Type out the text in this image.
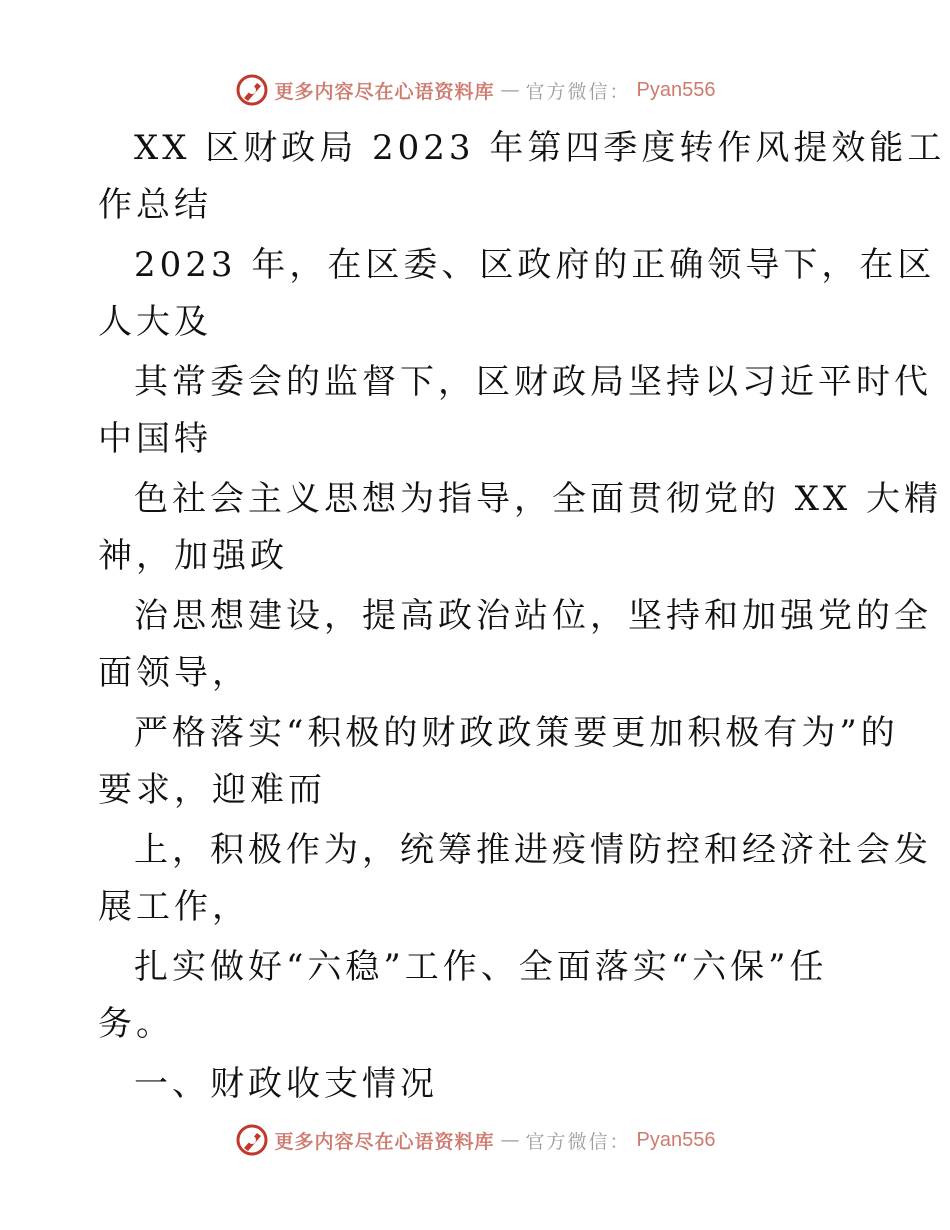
更多内容尽在心语资料库 — 官方微信： Pyan556
XX 区财政局 2023 年第四季度转作风提效能工
作总结
2023 年，在区委、区政府的正确领导下，在区
人大及
其常委会的监督下，区财政局坚持以习近平时代
中国特
色社会主义思想为指导，全面贯彻党的 XX 大精
神，加强政
治思想建设，提高政治站位，坚持和加强党的全
面领导，
严格落实“积极的财政政策要更加积极有为”的
要求，迎难而
上，积极作为，统筹推进疫情防控和经济社会发
展工作，
扎实做好“六稳”工作、全面落实“六保”任
务。
一、财政收支情况
更多内容尽在心语资料库 — 官方微信： Pyan556
